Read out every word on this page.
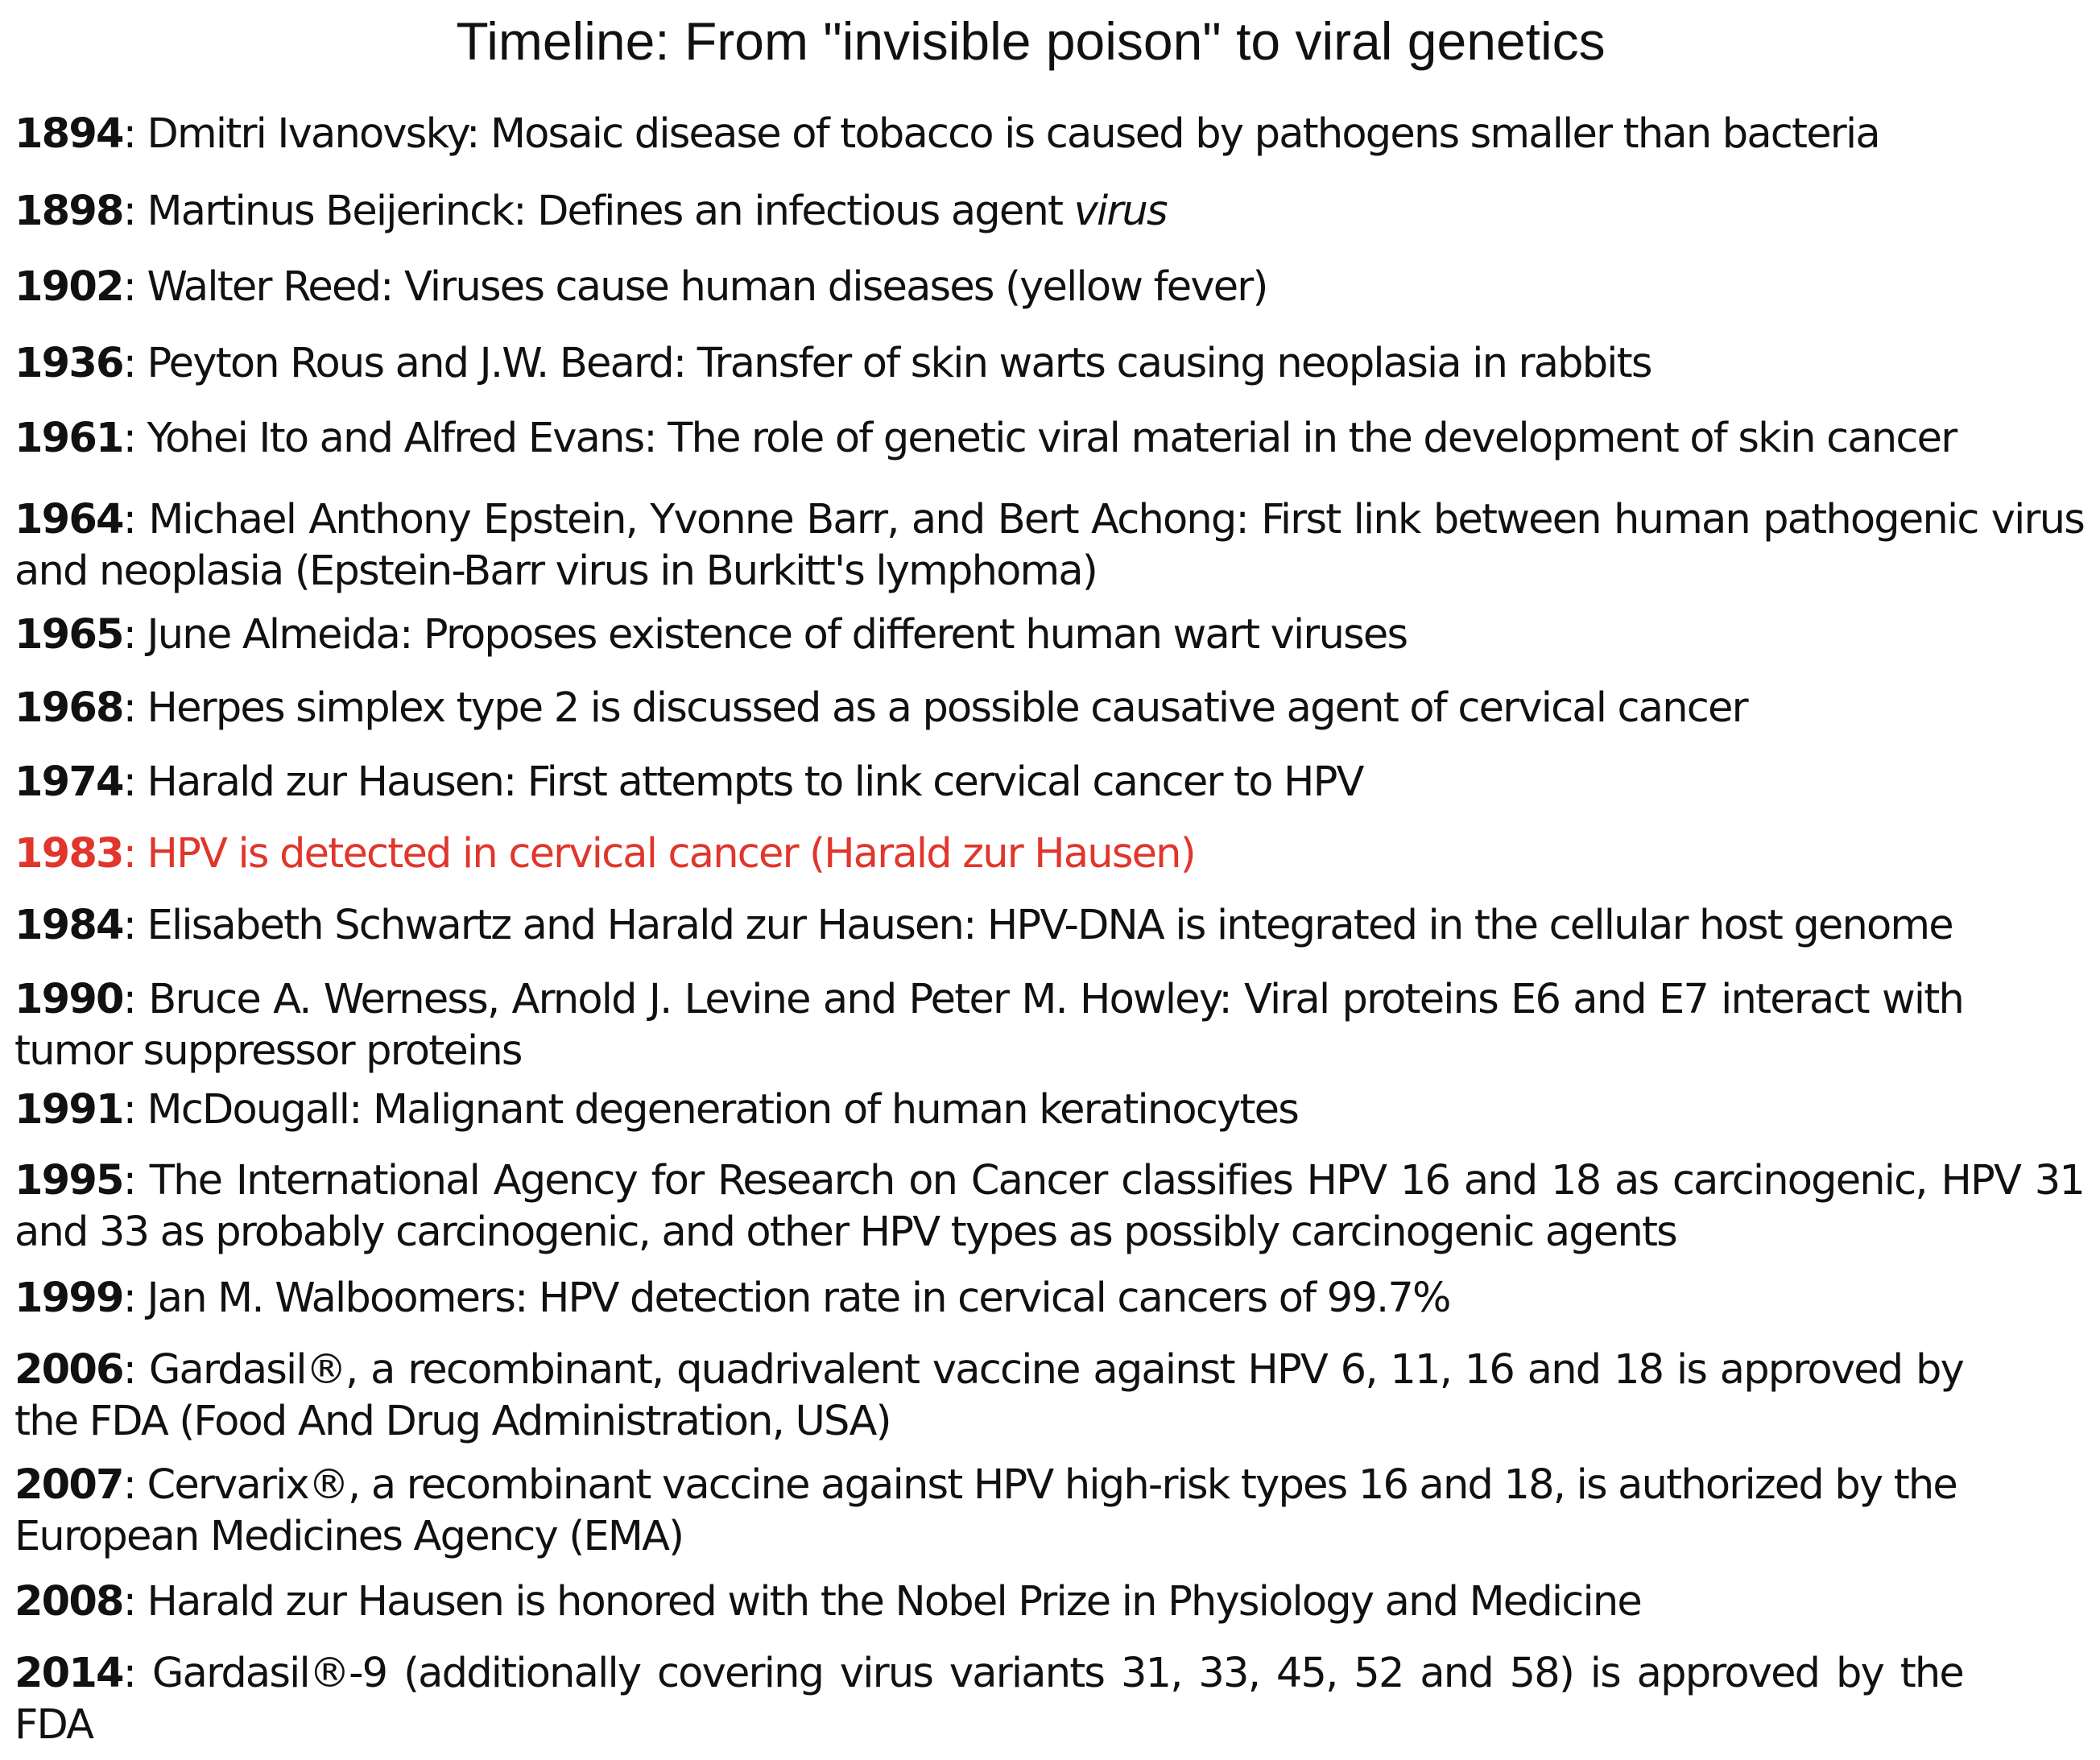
Timeline: From "invisible poison" to viral genetics
1894: Dmitri Ivanovsky: Mosaic disease of tobacco is caused by pathogens smaller than bacteria
1898: Martinus Beijerinck: Defines an infectious agent virus
1902: Walter Reed: Viruses cause human diseases (yellow fever)
1936: Peyton Rous and J.W. Beard: Transfer of skin warts causing neoplasia in rabbits
1961: Yohei Ito and Alfred Evans: The role of genetic viral material in the development of skin cancer
1964: Michael Anthony Epstein, Yvonne Barr, and Bert Achong: First link between human pathogenic virus and neoplasia (Epstein-Barr virus in Burkitt's lymphoma)
1965: June Almeida: Proposes existence of different human wart viruses
1968: Herpes simplex type 2 is discussed as a possible causative agent of cervical cancer
1974: Harald zur Hausen: First attempts to link cervical cancer to HPV
1983: HPV is detected in cervical cancer (Harald zur Hausen)
1984: Elisabeth Schwartz and Harald zur Hausen: HPV-DNA is integrated in the cellular host genome
1990: Bruce A. Werness, Arnold J. Levine and Peter M. Howley: Viral proteins E6 and E7 interact with tumor suppressor proteins
1991: McDougall: Malignant degeneration of human keratinocytes
1995: The International Agency for Research on Cancer classifies HPV 16 and 18 as carcinogenic, HPV 31 and 33 as probably carcinogenic, and other HPV types as possibly carcinogenic agents
1999: Jan M. Walboomers: HPV detection rate in cervical cancers of 99.7%
2006: Gardasil®, a recombinant, quadrivalent vaccine against HPV 6, 11, 16 and 18 is approved by the FDA (Food And Drug Administration, USA)
2007: Cervarix®, a recombinant vaccine against HPV high-risk types 16 and 18, is authorized by the European Medicines Agency (EMA)
2008: Harald zur Hausen is honored with the Nobel Prize in Physiology and Medicine
2014: Gardasil®-9 (additionally covering virus variants 31, 33, 45, 52 and 58) is approved by the FDA
